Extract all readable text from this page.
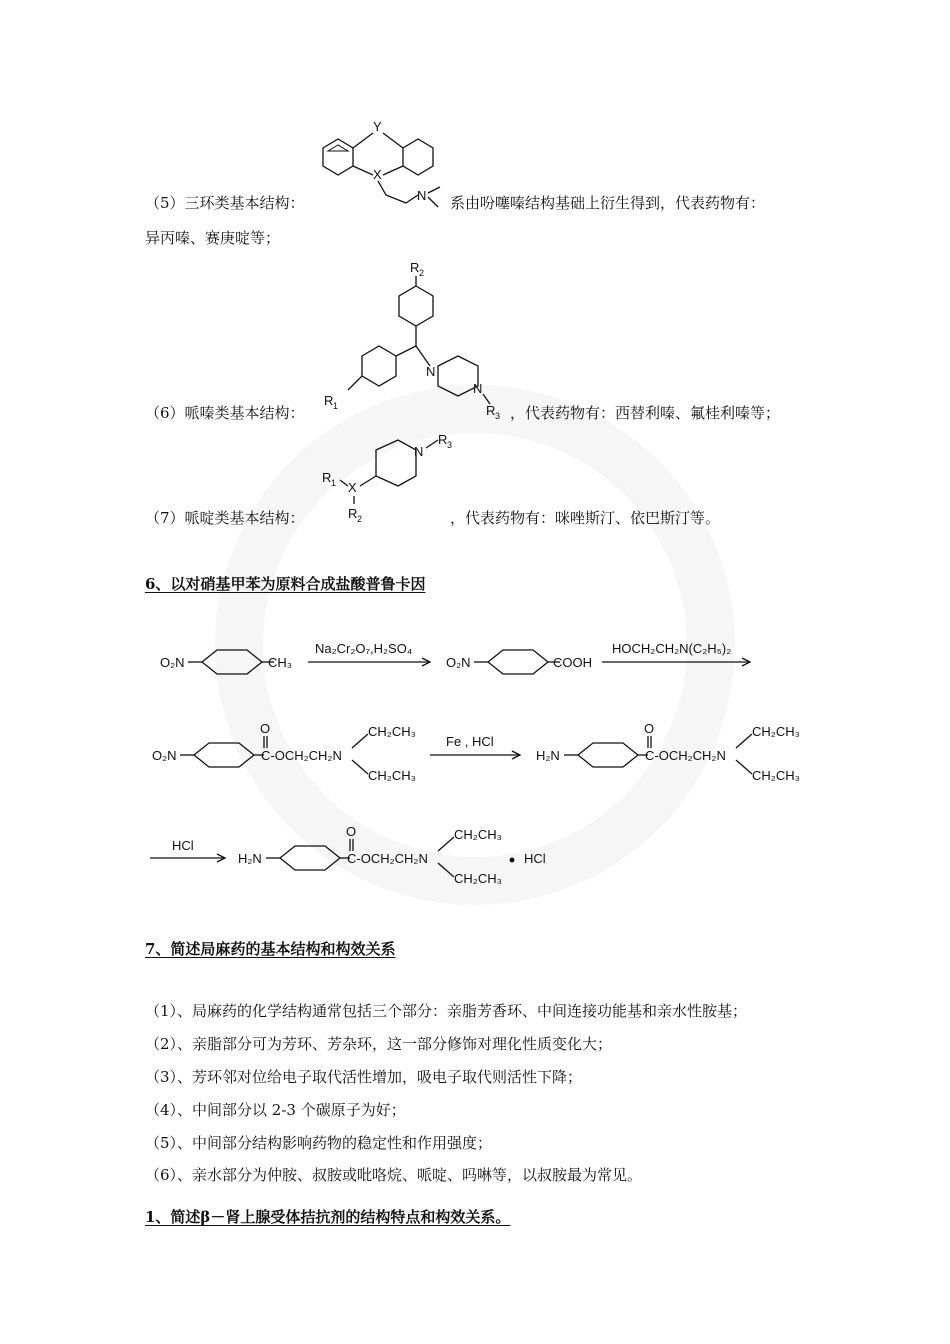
（5）三环类基本结构：
Y
X
N 系由吩噻嗪结构基础上衍生得到，代表药物有：
异丙嗪、赛庚啶等；
（6）哌嗪类基本结构：
R 2
R 1
N
N
R 3 ，代表药物有：西替利嗪、氟桂利嗪等；
（7）哌啶类基本结构：
N
R 3
R 1 X
R 2	，代表药物有：咪唑斯汀、依巴斯汀等。
6、以对硝基甲苯为原料合成盐酸普鲁卡因
O₂N	CH₃
Na₂Cr₂O₇,H₂SO₄
O₂N	COOH
HOCH₂CH₂N(C₂H₅)₂
O₂N	C-OCH₂CH₂N
O	CH₂CH₃
CH₂CH₃
Fe , HCl
H₂N	C-OCH₂CH₂N
O	CH₂CH₃
CH₂CH₃
HCl
H₂N	C-OCH₂CH₂N
O	CH₂CH₃
CH₂CH₃
HCl
7、简述局麻药的基本结构和构效关系
（1）、局麻药的化学结构通常包括三个部分：亲脂芳香环、中间连接功能基和亲水性胺基；
（2）、亲脂部分可为芳环、芳杂环，这一部分修饰对理化性质变化大；
（3）、芳环邻对位给电子取代活性增加，吸电子取代则活性下降；
（4）、中间部分以 2-3 个碳原子为好；
（5）、中间部分结构影响药物的稳定性和作用强度；
（6）、亲水部分为仲胺、叔胺或吡咯烷、哌啶、吗啉等，以叔胺最为常见。
1、简述β－肾上腺受体拮抗剂的结构特点和构效关系。
